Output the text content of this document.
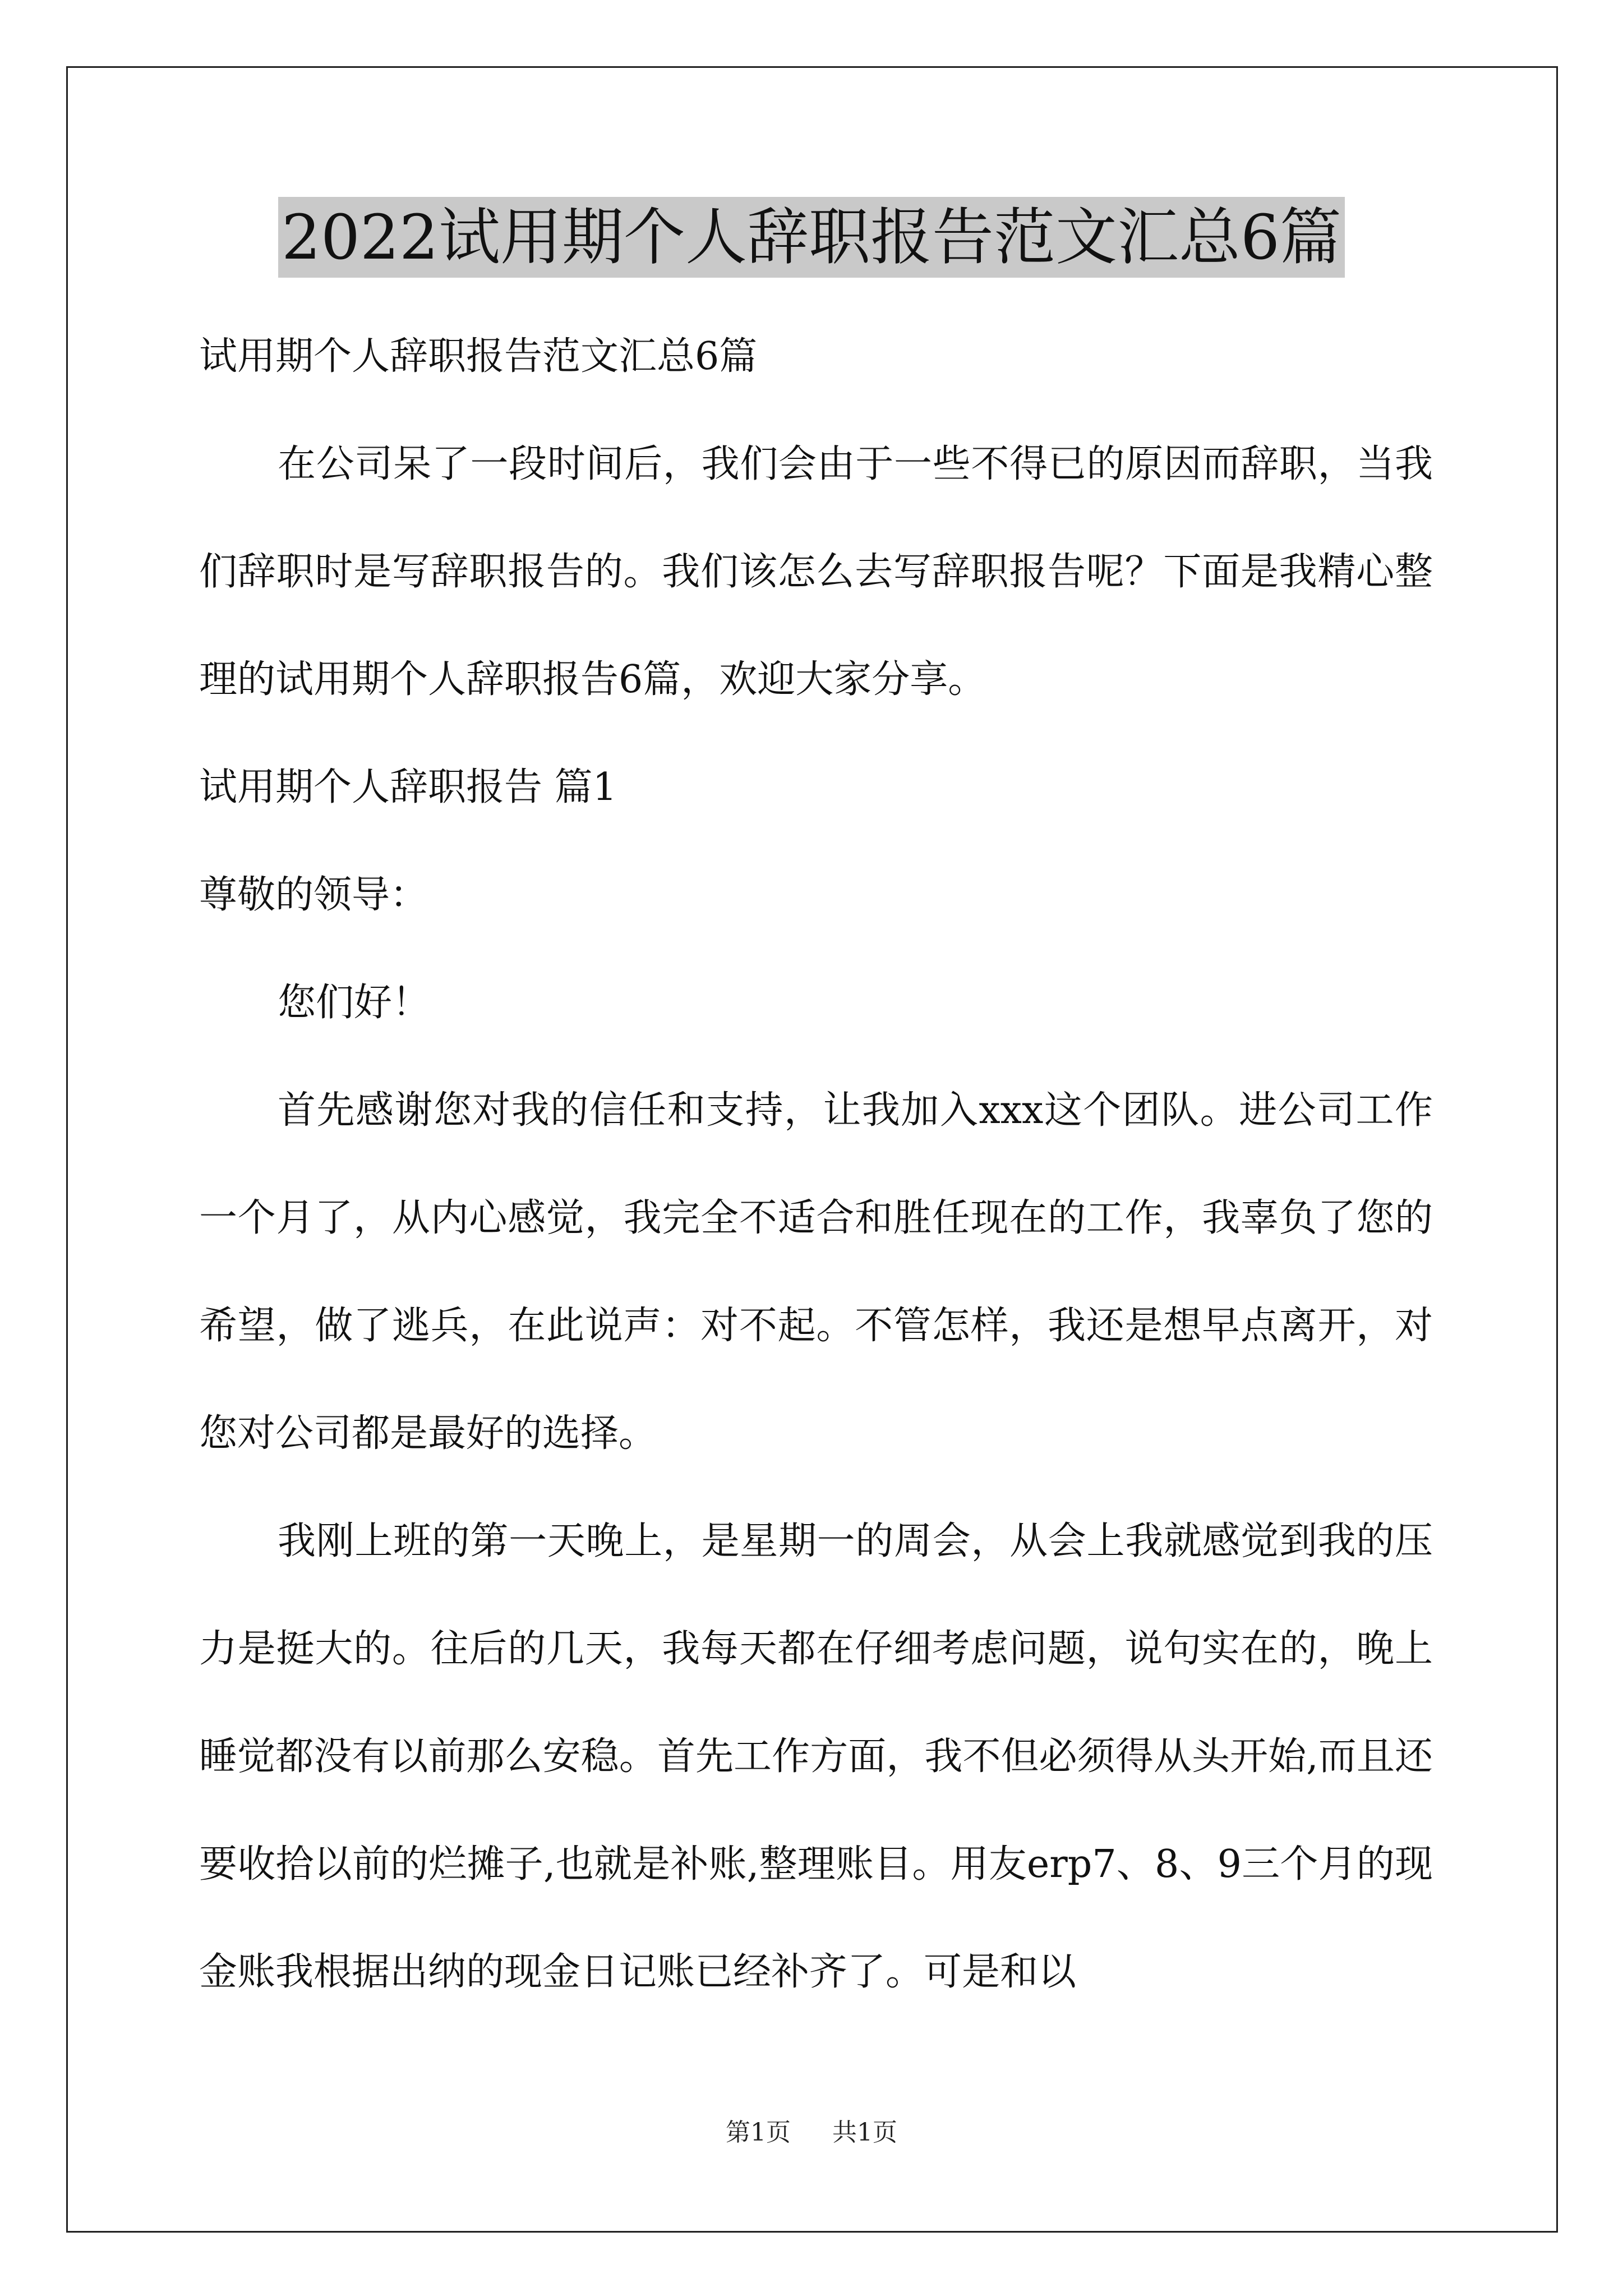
2022试用期个人辞职报告范文汇总6篇
试用期个人辞职报告范文汇总6篇

在公司呆了一段时间后，我们会由于一些不得已的原因而辞职，当我们辞职时是写辞职报告的。我们该怎么去写辞职报告呢？下面是我精心整理的试用期个人辞职报告6篇，欢迎大家分享。

试用期个人辞职报告 篇1
尊敬的领导：
您们好！

首先感谢您对我的信任和支持，让我加入xxx这个团队。进公司工作一个月了，从内心感觉，我完全不适合和胜任现在的工作，我辜负了您的希望，做了逃兵，在此说声：对不起。不管怎样，我还是想早点离开，对您对公司都是最好的选择。

我刚上班的第一天晚上，是星期一的周会，从会上我就感觉到我的压力是挺大的。往后的几天，我每天都在仔细考虑问题，说句实在的，晚上睡觉都没有以前那么安稳。首先工作方面，我不但必须得从头开始,而且还要收拾以前的烂摊子,也就是补账,整理账目。用友erp7、8、9三个月的现金账我根据出纳的现金日记账已经补齐了。可是和以

第1页 共1页
